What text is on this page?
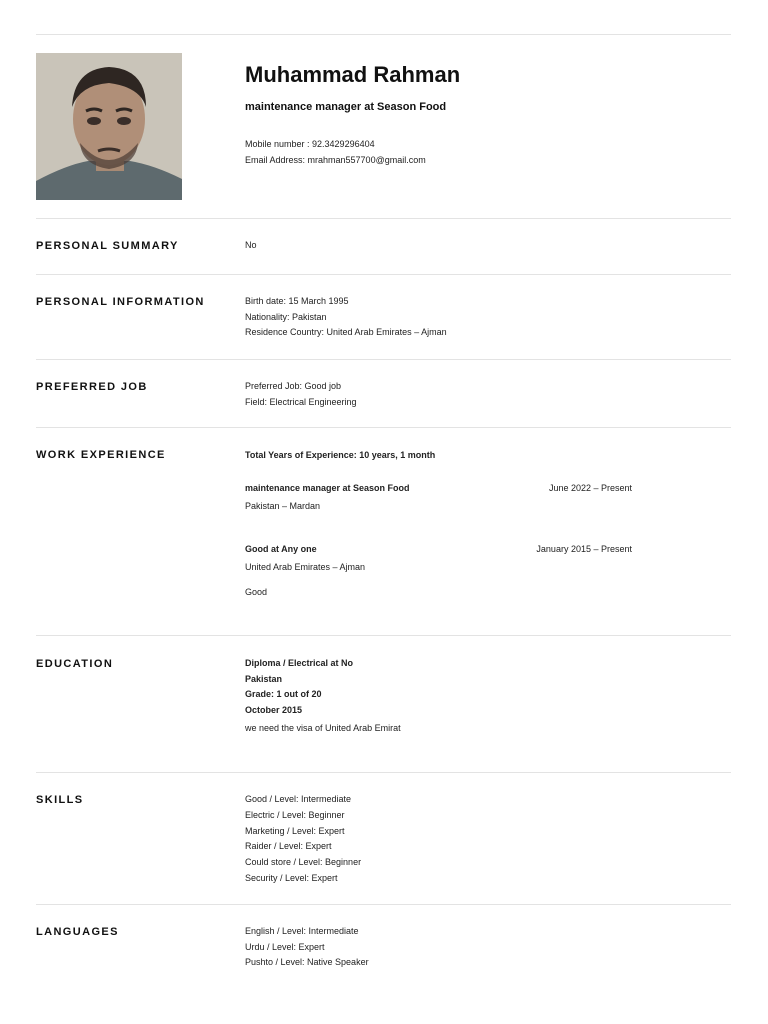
Muhammad Rahman
maintenance manager at Season Food
Mobile number : 92.3429296404
Email Address: mrahman557700@gmail.com
PERSONAL SUMMARY	No
PERSONAL INFORMATION	Birth date: 15 March 1995
Nationality: Pakistan
Residence Country: United Arab Emirates – Ajman
PREFERRED JOB	Preferred Job: Good job
Field: Electrical Engineering
WORK EXPERIENCE	Total Years of Experience: 10 years, 1 month
maintenance manager at Season Food	June 2022 – Present
Pakistan – Mardan
Good at Any one	January 2015 – Present
United Arab Emirates – Ajman
Good
EDUCATION	Diploma / Electrical at No
Pakistan
Grade: 1 out of 20
October 2015
we need the visa of United Arab Emirat
SKILLS	Good / Level: Intermediate
Electric / Level: Beginner
Marketing / Level: Expert
Raider / Level: Expert
Could store / Level: Beginner
Security / Level: Expert
LANGUAGES	English / Level: Intermediate
Urdu / Level: Expert
Pushto / Level: Native Speaker
